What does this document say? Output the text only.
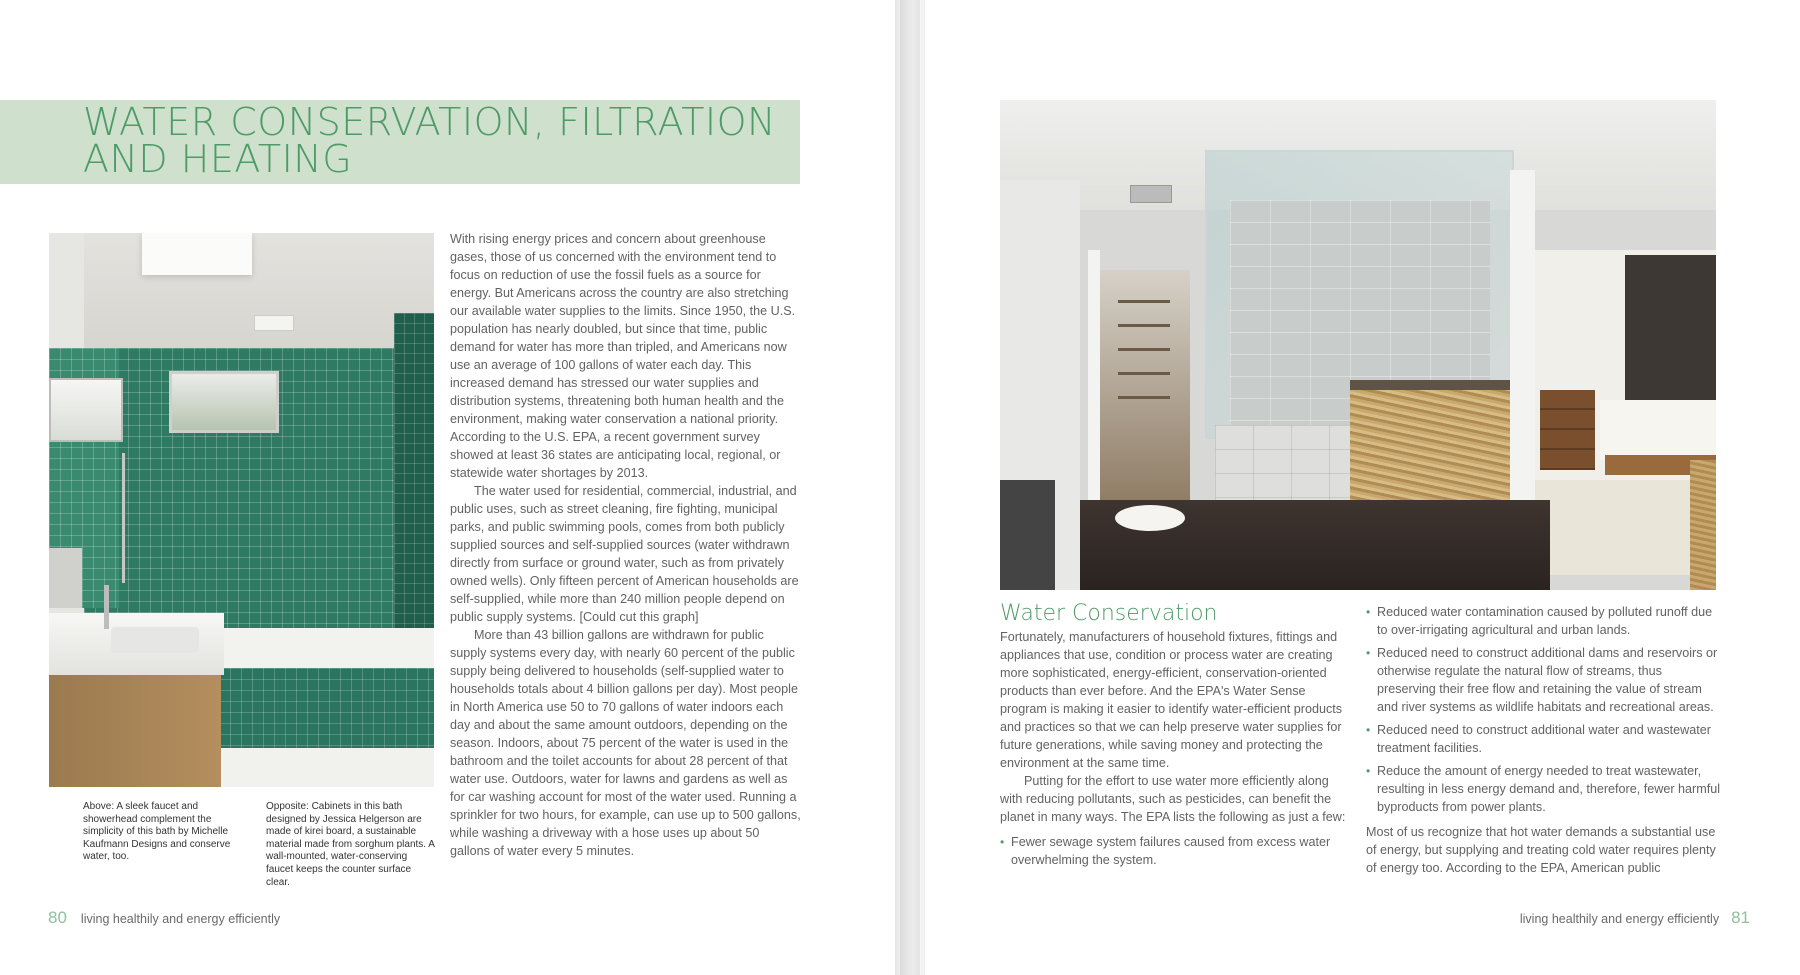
WATER CONSERVATION, FILTRATION AND HEATING

With rising energy prices and concern about greenhouse gases, those of us concerned with the environment tend to focus on reduction of use the fossil fuels as a source for energy. But Americans across the country are also stretching our available water supplies to the limits. Since 1950, the U.S. population has nearly doubled, but since that time, public demand for water has more than tripled, and Americans now use an average of 100 gallons of water each day. This increased demand has stressed our water supplies and distribution systems, threatening both human health and the environment, making water conservation a national priority. According to the U.S. EPA, a recent government survey showed at least 36 states are anticipating local, regional, or statewide water shortages by 2013.

The water used for residential, commercial, industrial, and public uses, such as street cleaning, fire fighting, municipal parks, and public swimming pools, comes from both publicly supplied sources and self-supplied sources (water withdrawn directly from surface or ground water, such as from privately owned wells). Only fifteen percent of American households are self-supplied, while more than 240 million people depend on public supply systems. [Could cut this graph]

More than 43 billion gallons are withdrawn for public supply systems every day, with nearly 60 percent of the public supply being delivered to households (self-supplied water to households totals about 4 billion gallons per day). Most people in North America use 50 to 70 gallons of water indoors each day and about the same amount outdoors, depending on the season. Indoors, about 75 percent of the water is used in the bathroom and the toilet accounts for about 28 percent of that water use. Outdoors, water for lawns and gardens as well as for car washing account for most of the water used. Running a sprinkler for two hours, for example, can use up to 500 gallons, while washing a driveway with a hose uses up about 50 gallons of water every 5 minutes.

Above: A sleek faucet and showerhead complement the simplicity of this bath by Michelle Kaufmann Designs and conserve water, too.
Opposite: Cabinets in this bath designed by Jessica Helgerson are made of kirei board, a sustainable material made from sorghum plants. A wall-mounted, water-conserving faucet keeps the counter surface clear.
80 living healthily and energy efficiently
Water Conservation

Fortunately, manufacturers of household fixtures, fittings and appliances that use, condition or process water are creating more sophisticated, energy-efficient, conservation-oriented products than ever before. And the EPA's Water Sense program is making it easier to identify water-efficient products and practices so that we can help preserve water supplies for future generations, while saving money and protecting the environment at the same time.

Putting for the effort to use water more efficiently along with reducing pollutants, such as pesticides, can benefit the planet in many ways. The EPA lists the following as just a few:

• Fewer sewage system failures caused from excess water overwhelming the system.
• Reduced water contamination caused by polluted runoff due to over-irrigating agricultural and urban lands.
• Reduced need to construct additional dams and reservoirs or otherwise regulate the natural flow of streams, thus preserving their free flow and retaining the value of stream and river systems as wildlife habitats and recreational areas.
• Reduced need to construct additional water and wastewater treatment facilities.
• Reduce the amount of energy needed to treat wastewater, resulting in less energy demand and, therefore, fewer harmful byproducts from power plants.

Most of us recognize that hot water demands a substantial use of energy, but supplying and treating cold water requires plenty of energy too. According to the EPA, American public

living healthily and energy efficiently 81
